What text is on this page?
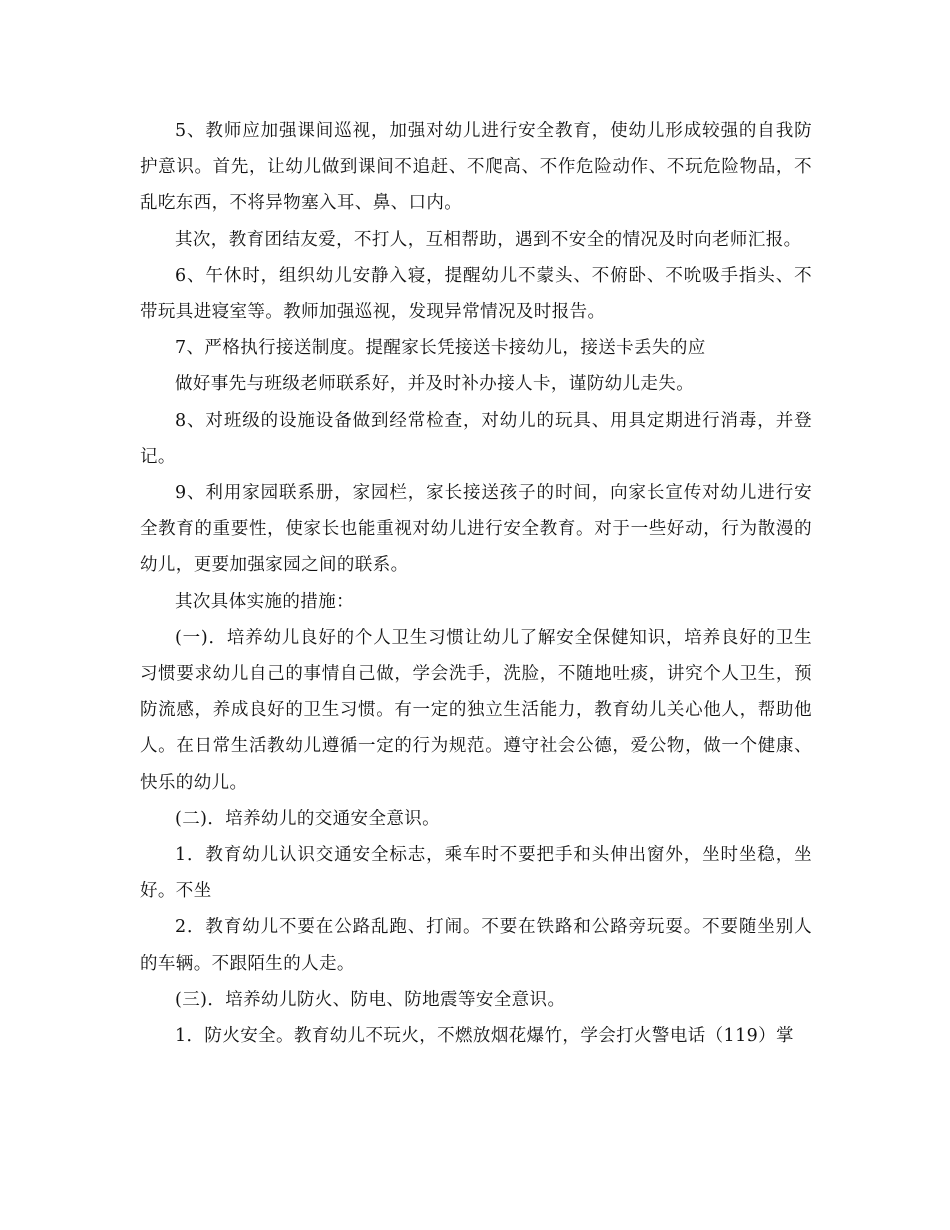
5、教师应加强课间巡视，加强对幼儿进行安全教育，使幼儿形成较强的自我防护意识。首先，让幼儿做到课间不追赶、不爬高、不作危险动作、不玩危险物品，不乱吃东西，不将异物塞入耳、鼻、口内。

其次，教育团结友爱，不打人，互相帮助，遇到不安全的情况及时向老师汇报。

6、午休时，组织幼儿安静入寝，提醒幼儿不蒙头、不俯卧、不吮吸手指头、不带玩具进寝室等。教师加强巡视，发现异常情况及时报告。

7、严格执行接送制度。提醒家长凭接送卡接幼儿，接送卡丢失的应

做好事先与班级老师联系好，并及时补办接人卡，谨防幼儿走失。

8、对班级的设施设备做到经常检查，对幼儿的玩具、用具定期进行消毒，并登记。

9、利用家园联系册，家园栏，家长接送孩子的时间，向家长宣传对幼儿进行安全教育的重要性，使家长也能重视对幼儿进行安全教育。对于一些好动，行为散漫的幼儿，更要加强家园之间的联系。

其次具体实施的措施：

(一)．培养幼儿良好的个人卫生习惯让幼儿了解安全保健知识，培养良好的卫生习惯要求幼儿自己的事情自己做，学会洗手，洗脸，不随地吐痰，讲究个人卫生，预防流感，养成良好的卫生习惯。有一定的独立生活能力，教育幼儿关心他人，帮助他人。在日常生活教幼儿遵循一定的行为规范。遵守社会公德，爱公物，做一个健康、快乐的幼儿。

(二)．培养幼儿的交通安全意识。

1．教育幼儿认识交通安全标志，乘车时不要把手和头伸出窗外，坐时坐稳，坐好。不坐

2．教育幼儿不要在公路乱跑、打闹。不要在铁路和公路旁玩耍。不要随坐别人的车辆。不跟陌生的人走。

(三)．培养幼儿防火、防电、防地震等安全意识。

1．防火安全。教育幼儿不玩火，不燃放烟花爆竹，学会打火警电话（119）掌
